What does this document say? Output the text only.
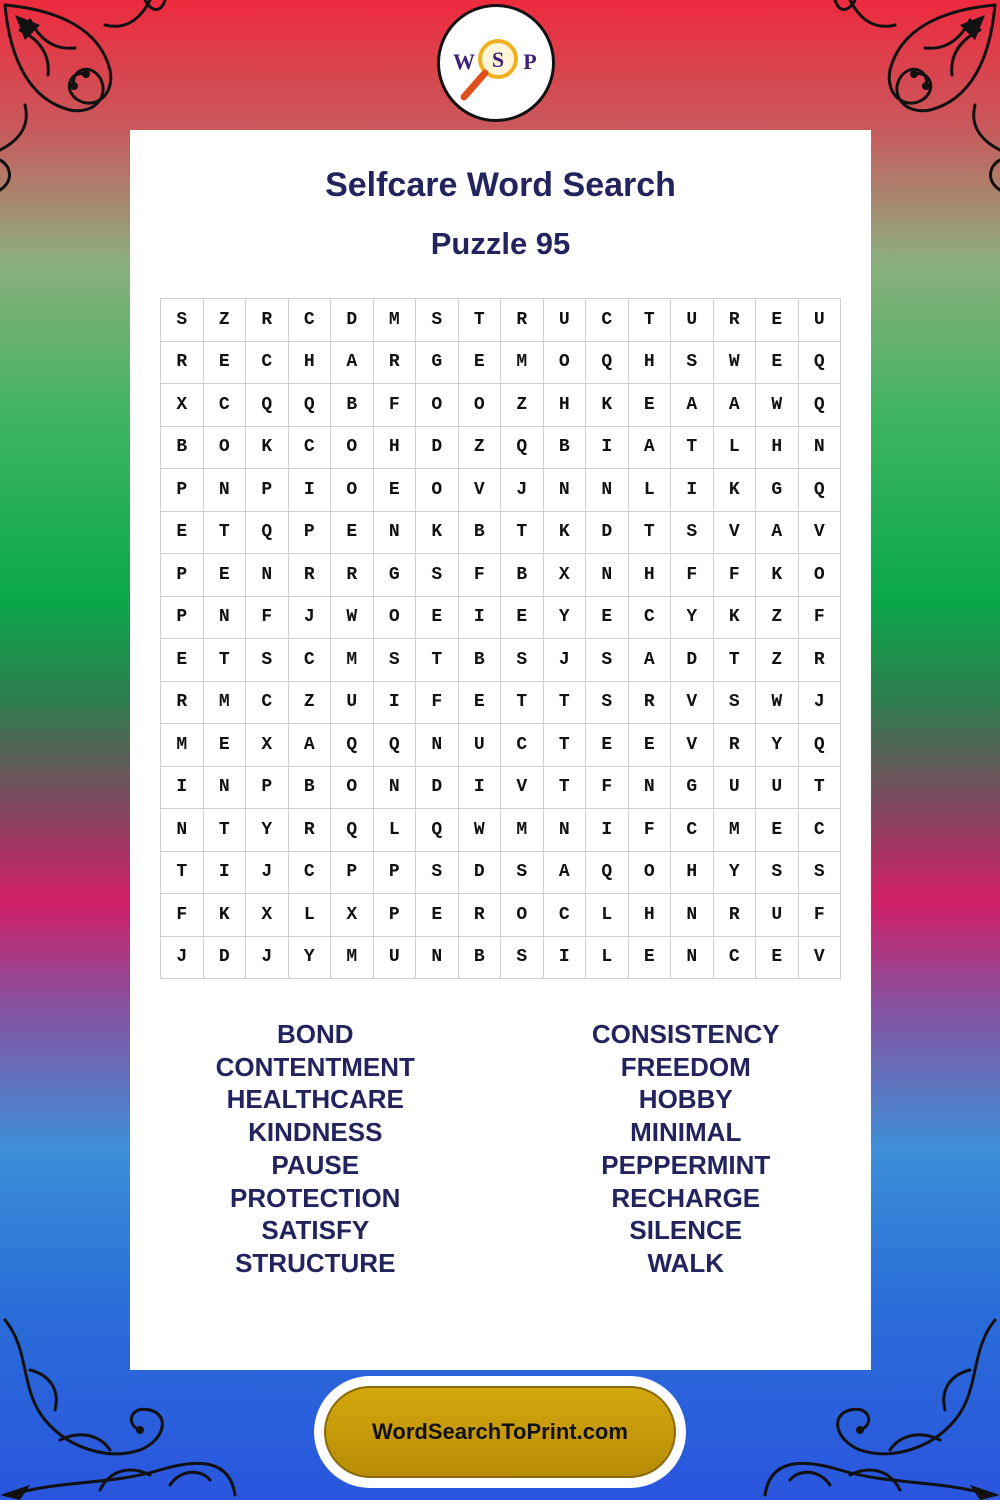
W S P
Selfcare Word Search
Puzzle 95
S	Z	R	C	D	M	S	T	R	U	C	T	U	R	E	U
R	E	C	H	A	R	G	E	M	O	Q	H	S	W	E	Q
X	C	Q	Q	B	F	O	O	Z	H	K	E	A	A	W	Q
B	O	K	C	O	H	D	Z	Q	B	I	A	T	L	H	N
P	N	P	I	O	E	O	V	J	N	N	L	I	K	G	Q
E	T	Q	P	E	N	K	B	T	K	D	T	S	V	A	V
P	E	N	R	R	G	S	F	B	X	N	H	F	F	K	O
P	N	F	J	W	O	E	I	E	Y	E	C	Y	K	Z	F
E	T	S	C	M	S	T	B	S	J	S	A	D	T	Z	R
R	M	C	Z	U	I	F	E	T	T	S	R	V	S	W	J
M	E	X	A	Q	Q	N	U	C	T	E	E	V	R	Y	Q
I	N	P	B	O	N	D	I	V	T	F	N	G	U	U	T
N	T	Y	R	Q	L	Q	W	M	N	I	F	C	M	E	C
T	I	J	C	P	P	S	D	S	A	Q	O	H	Y	S	S
F	K	X	L	X	P	E	R	O	C	L	H	N	R	U	F
J	D	J	Y	M	U	N	B	S	I	L	E	N	C	E	V
BOND
CONTENTMENT
HEALTHCARE
KINDNESS
PAUSE
PROTECTION
SATISFY
STRUCTURE
CONSISTENCY
FREEDOM
HOBBY
MINIMAL
PEPPERMINT
RECHARGE
SILENCE
WALK
WordSearchToPrint.com
